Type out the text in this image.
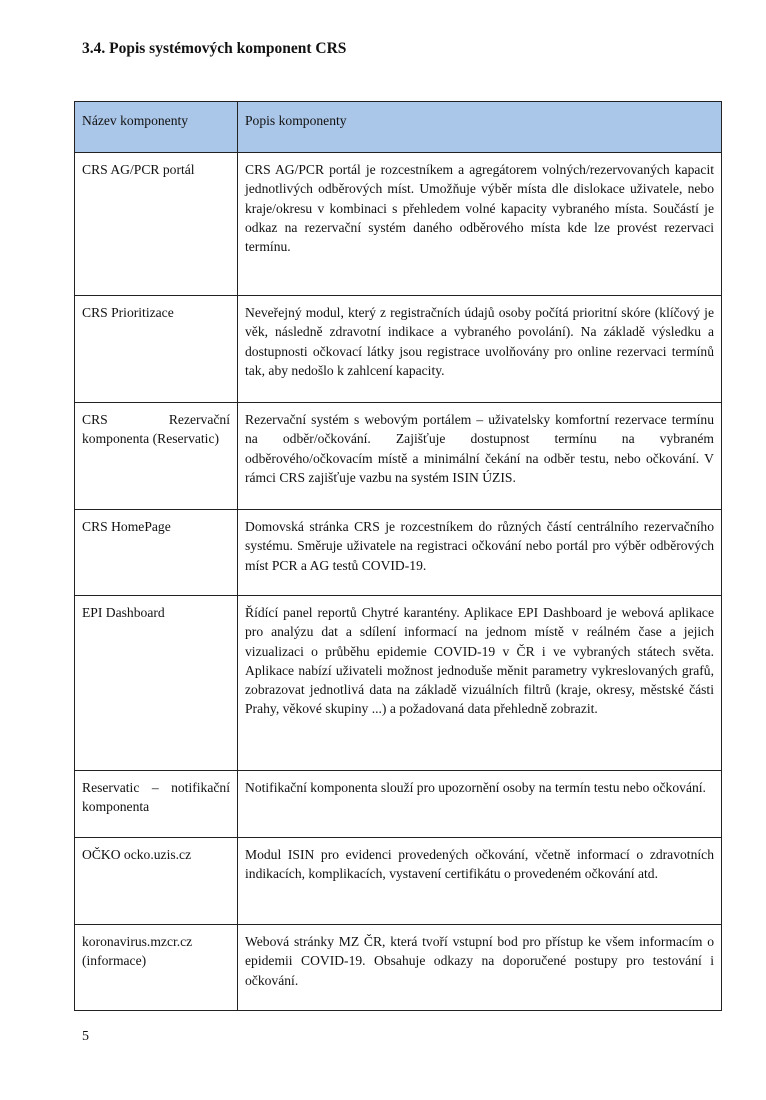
3.4. Popis systémových komponent CRS
Název komponenty	Popis komponenty
CRS AG/PCR portál	CRS AG/PCR portál je rozcestníkem a agregátorem volných/rezervovaných kapacit jednotlivých odběrových míst. Umožňuje výběr místa dle dislokace uživatele, nebo kraje/okresu v kombinaci s přehledem volné kapacity vybraného místa. Součástí je odkaz na rezervační systém daného odběrového místa kde lze provést rezervaci termínu.
CRS Prioritizace	Neveřejný modul, který z registračních údajů osoby počítá prioritní skóre (klíčový je věk, následně zdravotní indikace a vybraného povolání). Na základě výsledku a dostupnosti očkovací látky jsou registrace uvolňovány pro online rezervaci termínů tak, aby nedošlo k zahlcení kapacity.
CRS Rezervační komponenta (Reservatic)	Rezervační systém s webovým portálem – uživatelsky komfortní rezervace termínu na odběr/očkování. Zajišťuje dostupnost termínu na vybraném odběrového/očkovacím místě a minimální čekání na odběr testu, nebo očkování. V rámci CRS zajišťuje vazbu na systém ISIN ÚZIS.
CRS HomePage	Domovská stránka CRS je rozcestníkem do různých částí centrálního rezervačního systému. Směruje uživatele na registraci očkování nebo portál pro výběr odběrových míst PCR a AG testů COVID-19.
EPI Dashboard	Řídící panel reportů Chytré karantény. Aplikace EPI Dashboard je webová aplikace pro analýzu dat a sdílení informací na jednom místě v reálném čase a jejich vizualizaci o průběhu epidemie COVID-19 v ČR i ve vybraných státech světa. Aplikace nabízí uživateli možnost jednoduše měnit parametry vykreslovaných grafů, zobrazovat jednotlivá data na základě vizuálních filtrů (kraje, okresy, městské části Prahy, věkové skupiny ...) a požadovaná data přehledně zobrazit.
Reservatic – notifikační komponenta	Notifikační komponenta slouží pro upozornění osoby na termín testu nebo očkování.
OČKO ocko.uzis.cz	Modul ISIN pro evidenci provedených očkování, včetně informací o zdravotních indikacích, komplikacích, vystavení certifikátu o provedeném očkování atd.
koronavirus.mzcr.cz (informace)	Webová stránky MZ ČR, která tvoří vstupní bod pro přístup ke všem informacím o epidemii COVID-19. Obsahuje odkazy na doporučené postupy pro testování i očkování.
5
